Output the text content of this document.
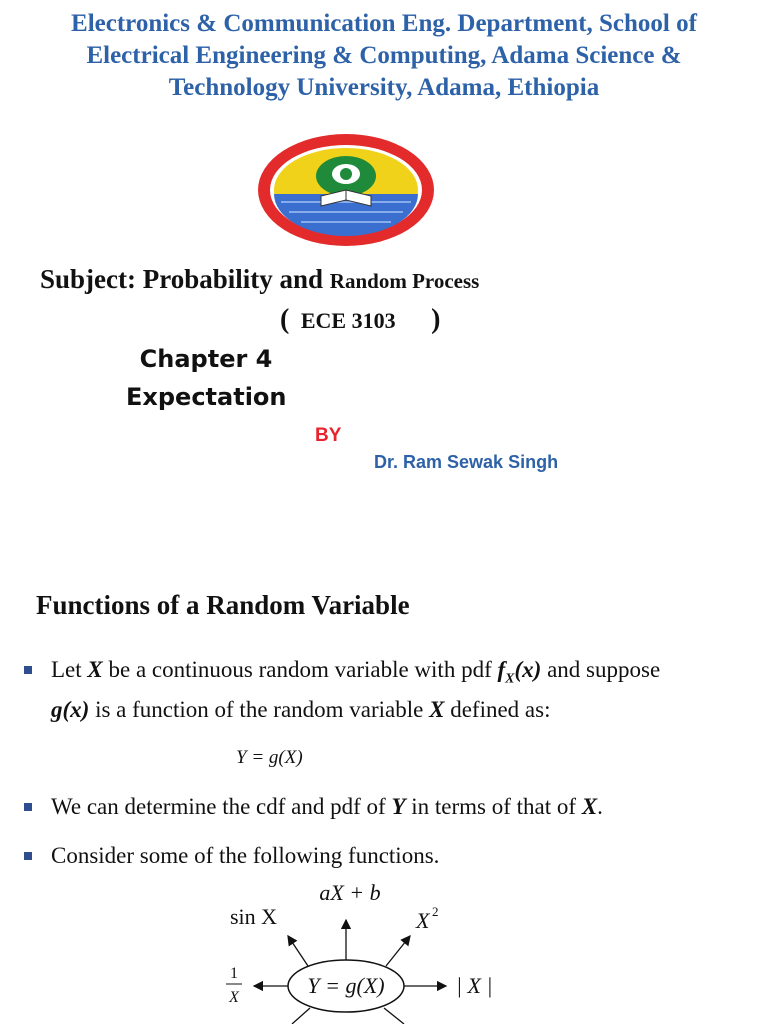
Electronics & Communication Eng. Department, School of
Electrical Engineering & Computing, Adama Science &
Technology University, Adama, Ethiopia
Subject: Probability and Random Process
( ECE 3103 )
Chapter 4
Expectation
BY
Dr. Ram Sewak Singh
Functions of a Random Variable
Let X be a continuous random variable with pdf $f_X(x)$ and suppose
g(x) is a function of the random variable X defined as:
Y = g(X)
We can determine the cdf and pdf of Y in terms of that of X.
Consider some of the following functions.
Y = g(X)
aX + b
sin X	X 2
1
X	| X |
